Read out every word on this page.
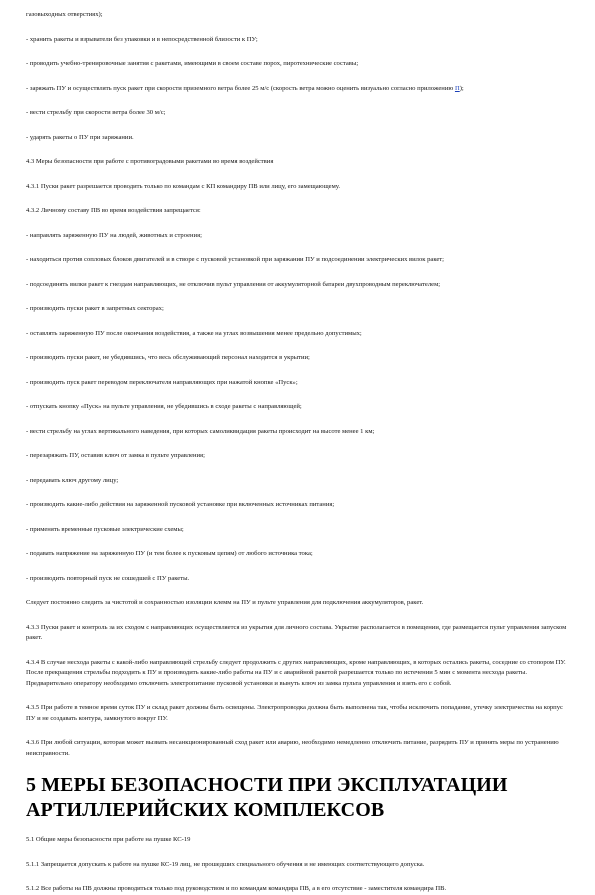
газовыходных отверстиях);

- хранить ракеты и взрыватели без упаковки и в непосредственной близости к ПУ;

- проводить учебно-тренировочные занятия с ракетами, имеющими в своем составе порох, пиротехнические составы;

- заряжать ПУ и осуществлять пуск ракет при скорости приземного ветра более 25 м/с (скорость ветра можно оценить визуально согласно приложению П);

- вести стрельбу при скорости ветра более 30 м/с;

- ударять ракеты о ПУ при заряжании.

4.3 Меры безопасности при работе с противоградовыми ракетами во время воздействия

4.3.1 Пуски ракет разрешается проводить только по командам с КП командиру ПВ или лицу, его замещающему.

4.3.2 Личному составу ПВ во время воздействия запрещается:

- направлять заряженную ПУ на людей, животных и строения;

- находиться против сопловых блоков двигателей и в створе с пусковой установкой при заряжании ПУ и подсоединении электрических вилок ракет;

- подсоединять вилки ракет к гнездам направляющих, не отключив пульт управления от аккумуляторной батареи двухпроводным переключателем;

- производить пуски ракет в запретных секторах;

- оставлять заряженную ПУ после окончания воздействия, а также на углах возвышения менее предельно допустимых;

- производить пуски ракет, не убедившись, что весь обслуживающий персонал находится в укрытии;

- производить пуск ракет переводом переключателя направляющих при нажатой кнопке «Пуск»;

- отпускать кнопку «Пуск» на пульте управления, не убедившись в сходе ракеты с направляющей;

- вести стрельбу на углах вертикального наведения, при которых самоликвидация ракеты происходит на высоте менее 1 км;

- перезаряжать ПУ, оставив ключ от замка в пульте управления;

- передавать ключ другому лицу;

- производить какие-либо действия на заряженной пусковой установке при включенных источниках питания;

- применять временные пусковые электрические схемы;

- подавать напряжение на заряженную ПУ (и тем более к пусковым цепям) от любого источника тока;

- производить повторный пуск не сошедшей с ПУ ракеты.

Следует постоянно следить за чистотой и сохранностью изоляции клемм на ПУ и пульте управления для подключения аккумуляторов, ракет.

4.3.3 Пуски ракет и контроль за их сходом с направляющих осуществляется из укрытия для личного состава. Укрытие располагается в помещении, где размещается пульт управления запуском ракет.

4.3.4 В случае несхода ракеты с какой-либо направляющей стрельбу следует продолжить с других направляющих, кроме направляющих, в которых остались ракеты, соседние со стопором ПУ. После прекращения стрельбы подходить к ПУ и производить какие-либо работы на ПУ и с аварийной ракетой разрешается только по истечении 5 мин с момента несхода ракеты. Предварительно оператору необходимо отключить электропитание пусковой установки и вынуть ключ из замка пульта управления и взять его с собой.

4.3.5 При работе в темное время суток ПУ и склад ракет должны быть освещены. Электропроводка должна быть выполнена так, чтобы исключить попадание, утечку электричества на корпус ПУ и не создавать контура, замкнутого вокруг ПУ.

4.3.6 При любой ситуации, которая может вызвать несанкционированный сход ракет или аварию, необходимо немедленно отключить питание, разрядить ПУ и принять меры по устранению неисправности.

5 МЕРЫ БЕЗОПАСНОСТИ ПРИ ЭКСПЛУАТАЦИИ АРТИЛЛЕРИЙСКИХ КОМПЛЕКСОВ

5.1 Общие меры безопасности при работе на пушке КС-19

5.1.1 Запрещается допускать к работе на пушке КС-19 лиц, не прошедших специального обучения и не имеющих соответствующего допуска.

5.1.2 Все работы на ПВ должны проводиться только под руководством и по командам командира ПВ, а в его отсутствие - заместителя командира ПВ.
